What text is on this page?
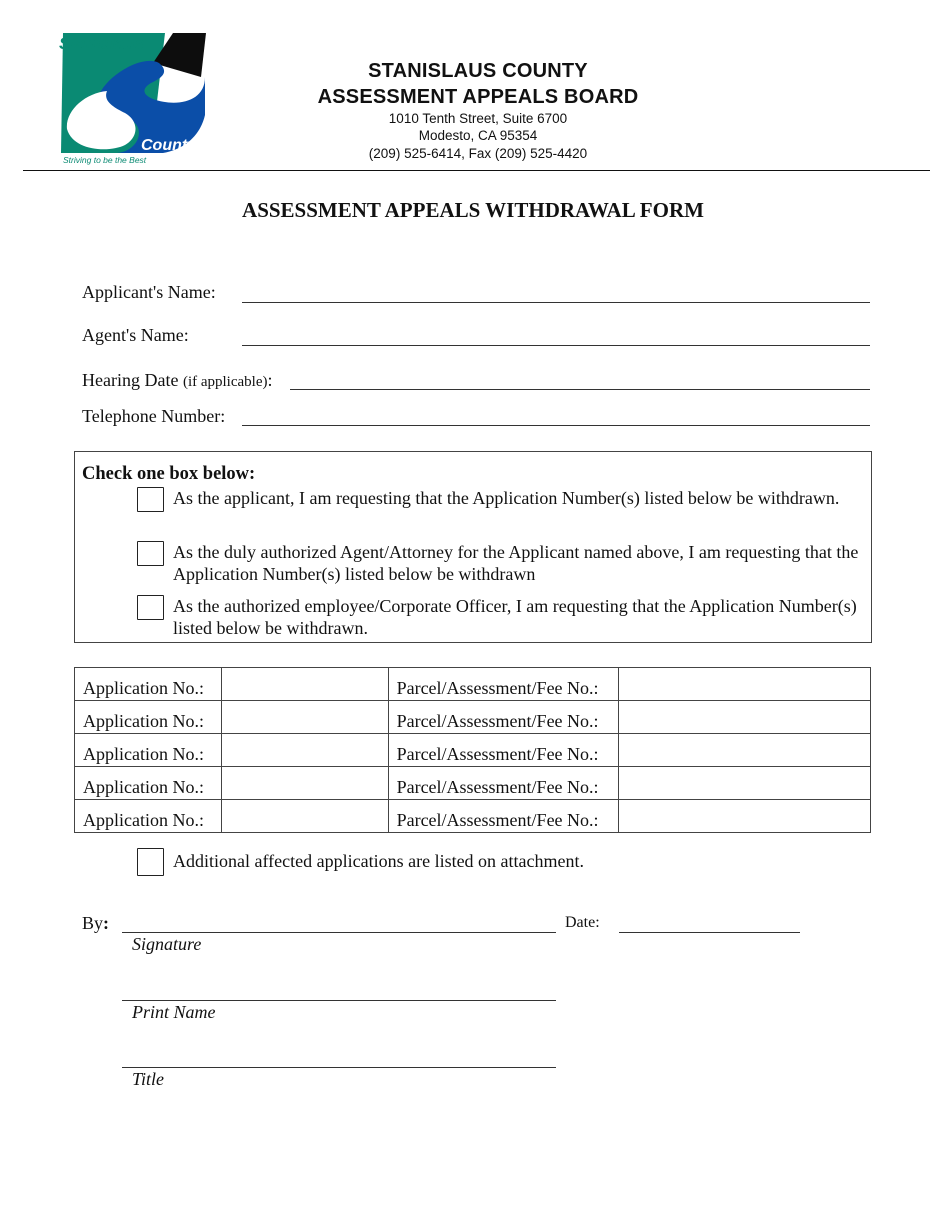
Stanislaus
County
Striving to be the Best
STANISLAUS COUNTY
ASSESSMENT APPEALS BOARD
1010 Tenth Street, Suite 6700
Modesto, CA 95354
(209) 525-6414, Fax (209) 525-4420
ASSESSMENT APPEALS WITHDRAWAL FORM
Applicant's Name:
Agent's Name:
Hearing Date (if applicable):
Telephone Number:
Check one box below:
As the applicant, I am requesting that the Application Number(s) listed below be withdrawn.
As the duly authorized Agent/Attorney for the Applicant named above, I am requesting that the Application Number(s) listed below be withdrawn
As the authorized employee/Corporate Officer, I am requesting that the Application Number(s) listed below be withdrawn.
Application No.:		Parcel/Assessment/Fee No.:	
Application No.:		Parcel/Assessment/Fee No.:	
Application No.:		Parcel/Assessment/Fee No.:	
Application No.:		Parcel/Assessment/Fee No.:	
Application No.:		Parcel/Assessment/Fee No.:	
Additional affected applications are listed on attachment.
By:	Date:
Signature
Print Name
Title
